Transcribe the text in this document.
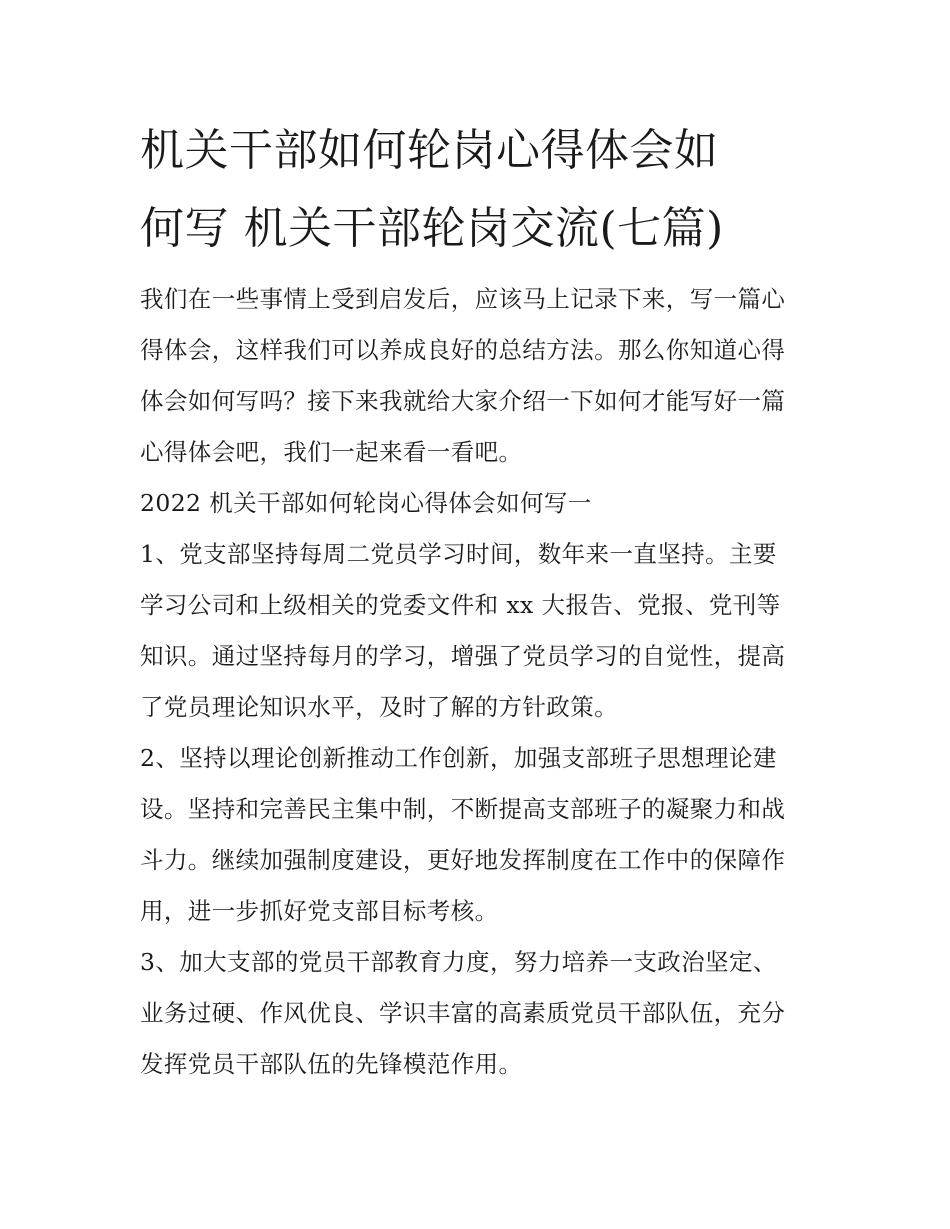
机关干部如何轮岗心得体会如
何写 机关干部轮岗交流(七篇)

我们在一些事情上受到启发后，应该马上记录下来，写一篇心
得体会，这样我们可以养成良好的总结方法。那么你知道心得
体会如何写吗？接下来我就给大家介绍一下如何才能写好一篇
心得体会吧，我们一起来看一看吧。

2022 机关干部如何轮岗心得体会如何写一

1、党支部坚持每周二党员学习时间，数年来一直坚持。主要
学习公司和上级相关的党委文件和 xx 大报告、党报、党刊等
知识。通过坚持每月的学习，增强了党员学习的自觉性，提高
了党员理论知识水平，及时了解的方针政策。

2、坚持以理论创新推动工作创新，加强支部班子思想理论建
设。坚持和完善民主集中制，不断提高支部班子的凝聚力和战
斗力。继续加强制度建设，更好地发挥制度在工作中的保障作
用，进一步抓好党支部目标考核。

3、加大支部的党员干部教育力度，努力培养一支政治坚定、
业务过硬、作风优良、学识丰富的高素质党员干部队伍，充分
发挥党员干部队伍的先锋模范作用。
